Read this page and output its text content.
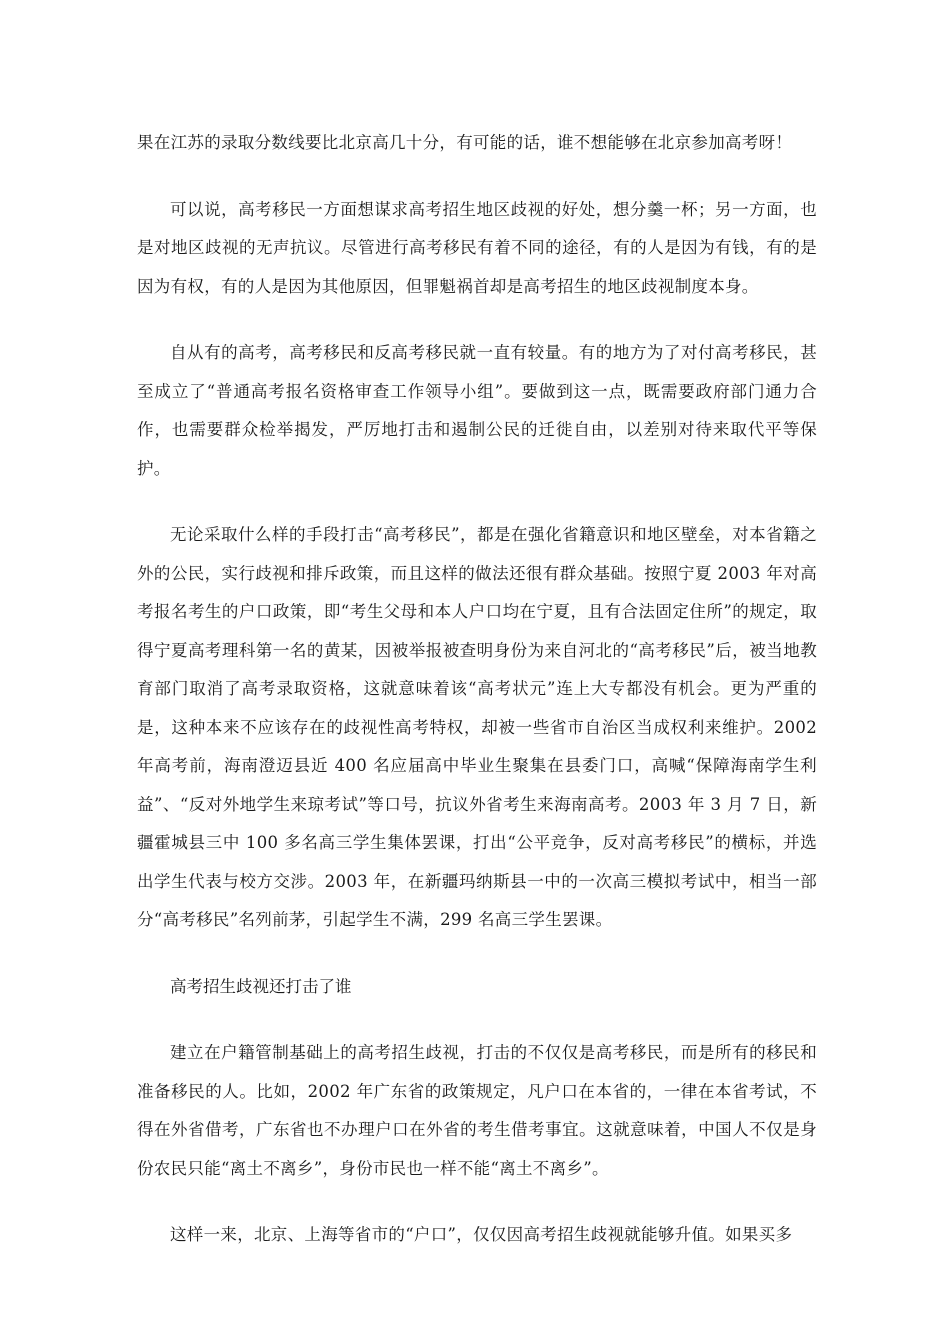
果在江苏的录取分数线要比北京高几十分，有可能的话，谁不想能够在北京参加高考呀！

可以说，高考移民一方面想谋求高考招生地区歧视的好处，想分羹一杯；另一方面，也是对地区歧视的无声抗议。尽管进行高考移民有着不同的途径，有的人是因为有钱，有的是因为有权，有的人是因为其他原因，但罪魁祸首却是高考招生的地区歧视制度本身。

自从有的高考，高考移民和反高考移民就一直有较量。有的地方为了对付高考移民，甚至成立了“普通高考报名资格审查工作领导小组”。要做到这一点，既需要政府部门通力合作，也需要群众检举揭发，严厉地打击和遏制公民的迁徙自由，以差别对待来取代平等保护。

无论采取什么样的手段打击“高考移民”，都是在强化省籍意识和地区壁垒，对本省籍之外的公民，实行歧视和排斥政策，而且这样的做法还很有群众基础。按照宁夏 2003 年对高考报名考生的户口政策，即“考生父母和本人户口均在宁夏，且有合法固定住所”的规定，取得宁夏高考理科第一名的黄某，因被举报被查明身份为来自河北的“高考移民”后，被当地教育部门取消了高考录取资格，这就意味着该“高考状元”连上大专都没有机会。更为严重的是，这种本来不应该存在的歧视性高考特权，却被一些省市自治区当成权利来维护。2002 年高考前，海南澄迈县近 400 名应届高中毕业生聚集在县委门口，高喊“保障海南学生利益”、“反对外地学生来琼考试”等口号，抗议外省考生来海南高考。2003 年 3 月 7 日，新疆霍城县三中 100 多名高三学生集体罢课，打出“公平竞争，反对高考移民”的横标，并选出学生代表与校方交涉。2003 年，在新疆玛纳斯县一中的一次高三模拟考试中，相当一部分“高考移民”名列前茅，引起学生不满，299 名高三学生罢课。

高考招生歧视还打击了谁

建立在户籍管制基础上的高考招生歧视，打击的不仅仅是高考移民，而是所有的移民和准备移民的人。比如，2002 年广东省的政策规定，凡户口在本省的，一律在本省考试，不得在外省借考，广东省也不办理户口在外省的考生借考事宜。这就意味着，中国人不仅是身份农民只能“离土不离乡”，身份市民也一样不能“离土不离乡”。

这样一来，北京、上海等省市的“户口”，仅仅因高考招生歧视就能够升值。如果买多
